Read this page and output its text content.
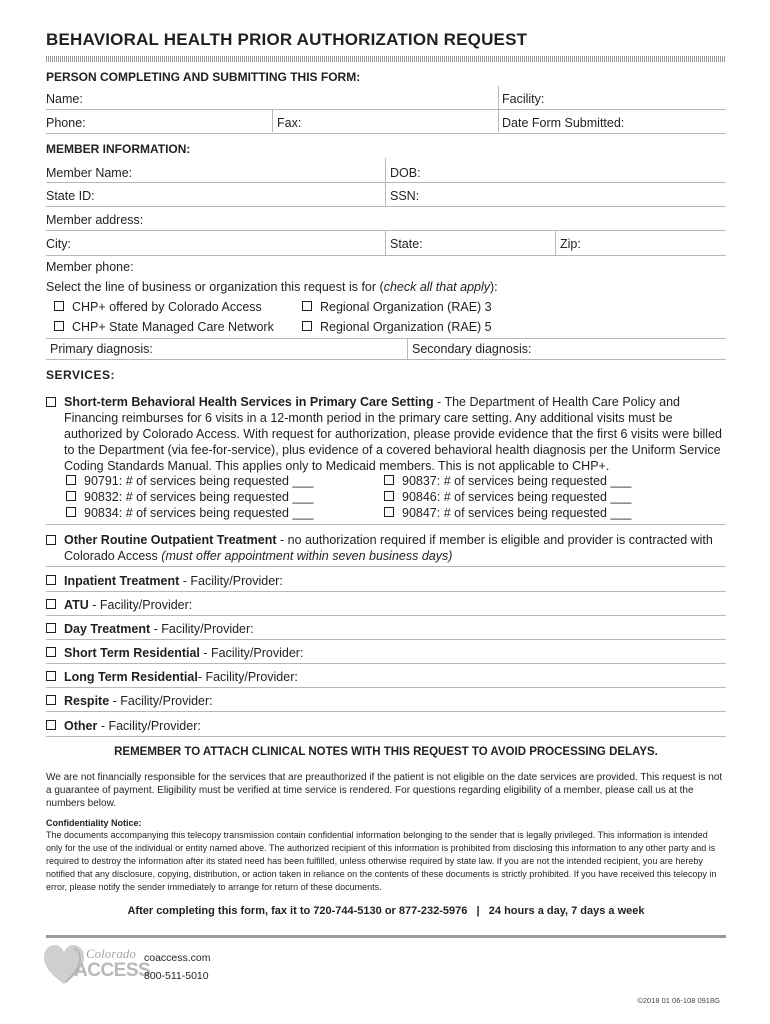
BEHAVIORAL HEALTH PRIOR AUTHORIZATION REQUEST
PERSON COMPLETING AND SUBMITTING THIS FORM:
Name:	Facility:
Phone:	Fax:	Date Form Submitted:
MEMBER INFORMATION:
Member Name:	DOB:
State ID:	SSN:
Member address:
City:	State:	Zip:
Member phone:
Select the line of business or organization this request is for (check all that apply):
CHP+ offered by Colorado Access	Regional Organization (RAE) 3
CHP+ State Managed Care Network	Regional Organization (RAE) 5
Primary diagnosis:	Secondary diagnosis:
SERVICES:
Short-term Behavioral Health Services in Primary Care Setting - The Department of Health Care Policy and Financing reimburses for 6 visits in a 12-month period in the primary care setting. Any additional visits must be authorized by Colorado Access. With request for authorization, please provide evidence that the first 6 visits were billed to the Department (via fee-for-service), plus evidence of a covered behavioral health diagnosis per the Uniform Service Coding Standards Manual. This applies only to Medicaid members. This is not applicable to CHP+.
90791: # of services being requested ___	90837: # of services being requested ___
90832: # of services being requested ___	90846: # of services being requested ___
90834: # of services being requested ___	90847: # of services being requested ___
Other Routine Outpatient Treatment - no authorization required if member is eligible and provider is contracted with
Colorado Access (must offer appointment within seven business days)
Inpatient Treatment - Facility/Provider:
ATU - Facility/Provider:
Day Treatment - Facility/Provider:
Short Term Residential - Facility/Provider:
Long Term Residential- Facility/Provider:
Respite - Facility/Provider:
Other - Facility/Provider:
REMEMBER TO ATTACH CLINICAL NOTES WITH THIS REQUEST TO AVOID PROCESSING DELAYS.
We are not financially responsible for the services that are preauthorized if the patient is not eligible on the date services are provided. This request is not a guarantee of payment. Eligibility must be verified at time service is rendered. For questions regarding eligibility of a member, please call us at the numbers below.
Confidentiality Notice:
The documents accompanying this telecopy transmission contain confidential information belonging to the sender that is legally privileged. This information is intended only for the use of the individual or entity named above. The authorized recipient of this information is prohibited from disclosing this information to any other party and is required to destroy the information after its stated need has been fulfilled, unless otherwise required by state law. If you are not the intended recipient, you are hereby notified that any disclosure, copying, distribution, or action taken in reliance on the contents of these documents is strictly prohibited. If you have received this telecopy in error, please notify the sender immediately to arrange for return of these documents.
After completing this form, fax it to 720-744-5130 or 877-232-5976 | 24 hours a day, 7 days a week
Colorado
ACCESS
coaccess.com
800-511-5010
©2018 01 06-108 0918G
